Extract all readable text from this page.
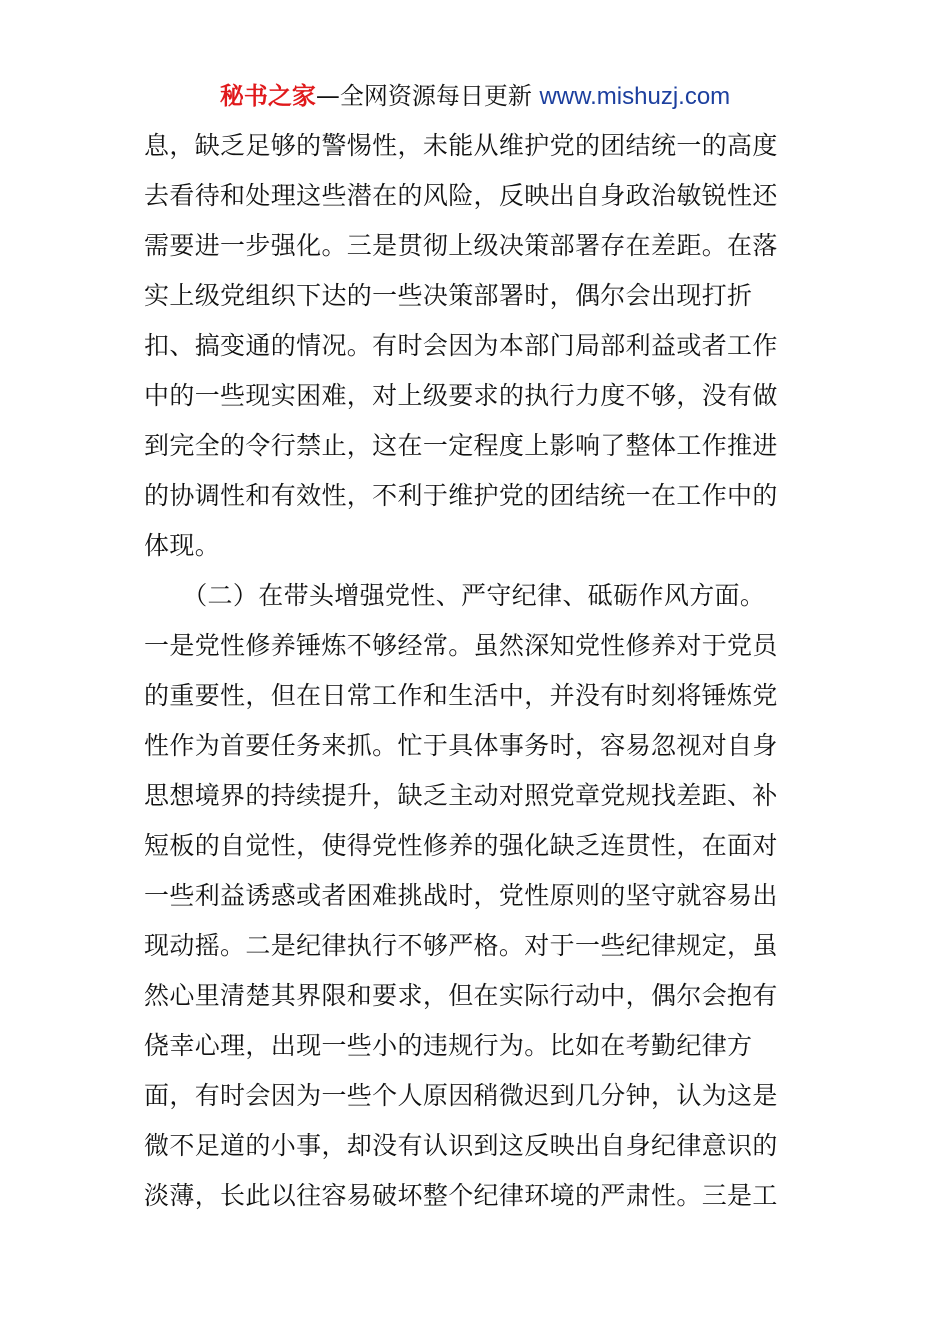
秘书之家—全网资源每日更新 www.mishuzj.com
息，缺乏足够的警惕性，未能从维护党的团结统一的高度
去看待和处理这些潜在的风险，反映出自身政治敏锐性还
需要进一步强化。三是贯彻上级决策部署存在差距。在落
实上级党组织下达的一些决策部署时，偶尔会出现打折
扣、搞变通的情况。有时会因为本部门局部利益或者工作
中的一些现实困难，对上级要求的执行力度不够，没有做
到完全的令行禁止，这在一定程度上影响了整体工作推进
的协调性和有效性，不利于维护党的团结统一在工作中的
体现。
　　（二）在带头增强党性、严守纪律、砥砺作风方面。
一是党性修养锤炼不够经常。虽然深知党性修养对于党员
的重要性，但在日常工作和生活中，并没有时刻将锤炼党
性作为首要任务来抓。忙于具体事务时，容易忽视对自身
思想境界的持续提升，缺乏主动对照党章党规找差距、补
短板的自觉性，使得党性修养的强化缺乏连贯性，在面对
一些利益诱惑或者困难挑战时，党性原则的坚守就容易出
现动摇。二是纪律执行不够严格。对于一些纪律规定，虽
然心里清楚其界限和要求，但在实际行动中，偶尔会抱有
侥幸心理，出现一些小的违规行为。比如在考勤纪律方
面，有时会因为一些个人原因稍微迟到几分钟，认为这是
微不足道的小事，却没有认识到这反映出自身纪律意识的
淡薄，长此以往容易破坏整个纪律环境的严肃性。三是工
